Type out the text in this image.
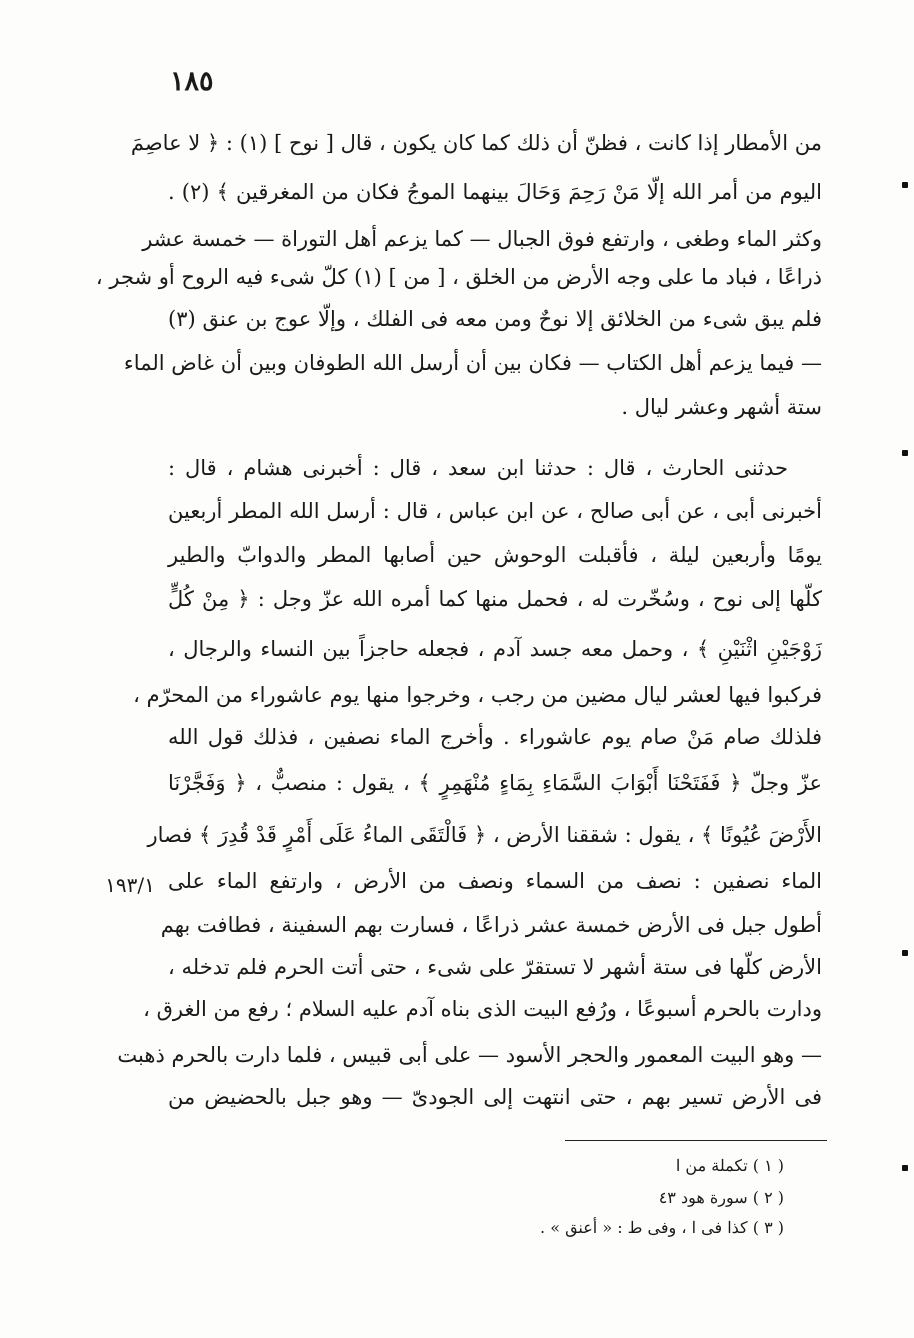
١٨٥
من الأمطار إذا كانت ، فظنّ أن ذلك كما كان يكون ، قال [ نوح ] (١) : ﴿ لا عاصِمَ
اليوم من أمر الله إلّا مَنْ رَحِمَ وَحَالَ بينهما الموجُ فكان من المغرقين ﴾ (٢) .
وكثر الماء وطغى ، وارتفع فوق الجبال — كما يزعم أهل التوراة — خمسة عشر
ذراعًا ، فباد ما على وجه الأرض من الخلق ، [ من ] (١) كلّ شىء فيه الروح أو شجر ،
فلم يبق شىء من الخلائق إلا نوحٌ ومن معه فى الفلك ، وإلّا عوج بن عنق (٣)
— فيما يزعم أهل الكتاب — فكان بين أن أرسل الله الطوفان وبين أن غاض الماء
ستة أشهر وعشر ليال .
حدثنى الحارث ، قال : حدثنا ابن سعد ، قال : أخبرنى هشام ، قال :
أخبرنى أبى ، عن أبى صالح ، عن ابن عباس ، قال : أرسل الله المطر أربعين
يومًا وأربعين ليلة ، فأقبلت الوحوش حين أصابها المطر والدوابّ والطير
كلّها إلى نوح ، وسُخّرت له ، فحمل منها كما أمره الله عزّ وجل : ﴿ مِنْ كُلٍّ
زَوْجَيْنِ اثْنَيْنِ ﴾ ، وحمل معه جسد آدم ، فجعله حاجزاً بين النساء والرجال ،
فركبوا فيها لعشر ليال مضين من رجب ، وخرجوا منها يوم عاشوراء من المحرّم ،
فلذلك صام مَنْ صام يوم عاشوراء . وأخرج الماء نصفين ، فذلك قول الله
عزّ وجلّ ﴿ فَفَتَحْنَا أَبْوَابَ السَّمَاءِ بِمَاءٍ مُنْهَمِرٍ ﴾ ، يقول : منصبٌّ ، ﴿ وَفَجَّرْنَا
الأَرْضَ عُيُونًا ﴾ ، يقول : شققنا الأرض ، ﴿ فَالْتَقَى الماءُ عَلَى أَمْرٍ قَدْ قُدِرَ ﴾ فصار
الماء نصفين : نصف من السماء ونصف من الأرض ، وارتفع الماء على
أطول جبل فى الأرض خمسة عشر ذراعًا ، فسارت بهم السفينة ، فطافت بهم
الأرض كلّها فى ستة أشهر لا تستقرّ على شىء ، حتى أتت الحرم فلم تدخله ،
ودارت بالحرم أسبوعًا ، ورُفع البيت الذى بناه آدم عليه السلام ؛ رفع من الغرق ،
— وهو البيت المعمور والحجر الأسود — على أبى قبيس ، فلما دارت بالحرم ذهبت
فى الأرض تسير بهم ، حتى انتهت إلى الجودىّ — وهو جبل بالحضيض من
١٩٣/١
( ١ ) تكملة من ا
( ٢ ) سورة هود ٤٣
( ٣ ) كذا فى ا ، وفى ط : « أعنق » .
